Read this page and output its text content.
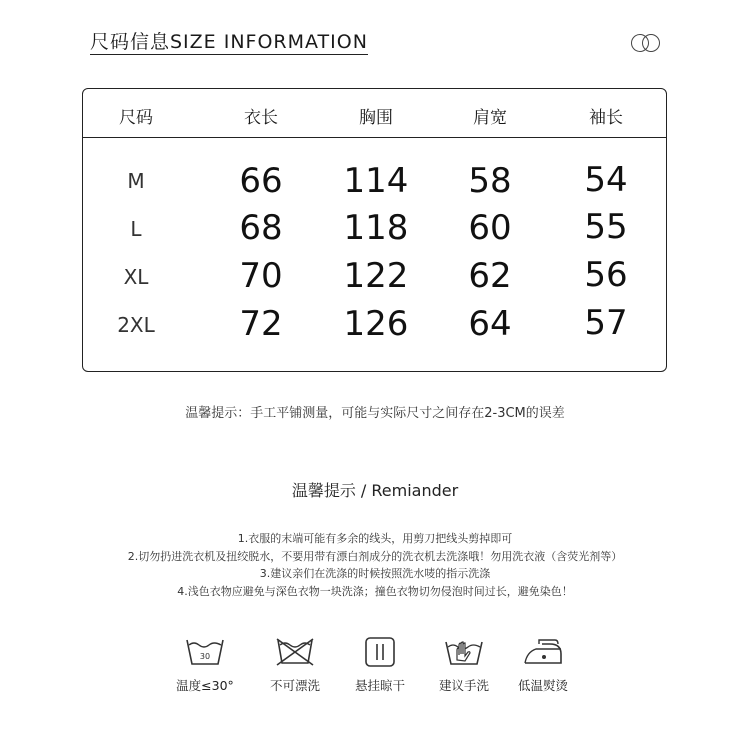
尺码信息SIZE INFORMATION
尺码	衣长	胸围	肩宽	袖长
M	66	114	58	54
L	68	118	60	55
XL	70	122	62	56
2XL	72	126	64	57
温馨提示：手工平铺测量，可能与实际尺寸之间存在2-3CM的误差
温馨提示 / Remiander
1.衣服的末端可能有多余的线头，用剪刀把线头剪掉即可
2.切勿扔进洗衣机及扭绞脱水，不要用带有漂白剂成分的洗衣机去洗涤哦！勿用洗衣液（含荧光剂等）
3.建议亲们在洗涤的时候按照洗水唛的指示洗涤
4.浅色衣物应避免与深色衣物一块洗涤；撞色衣物切勿侵泡时间过长，避免染色！
30
温度≤30°	不可漂洗	悬挂晾干	建议手洗	低温熨烫
